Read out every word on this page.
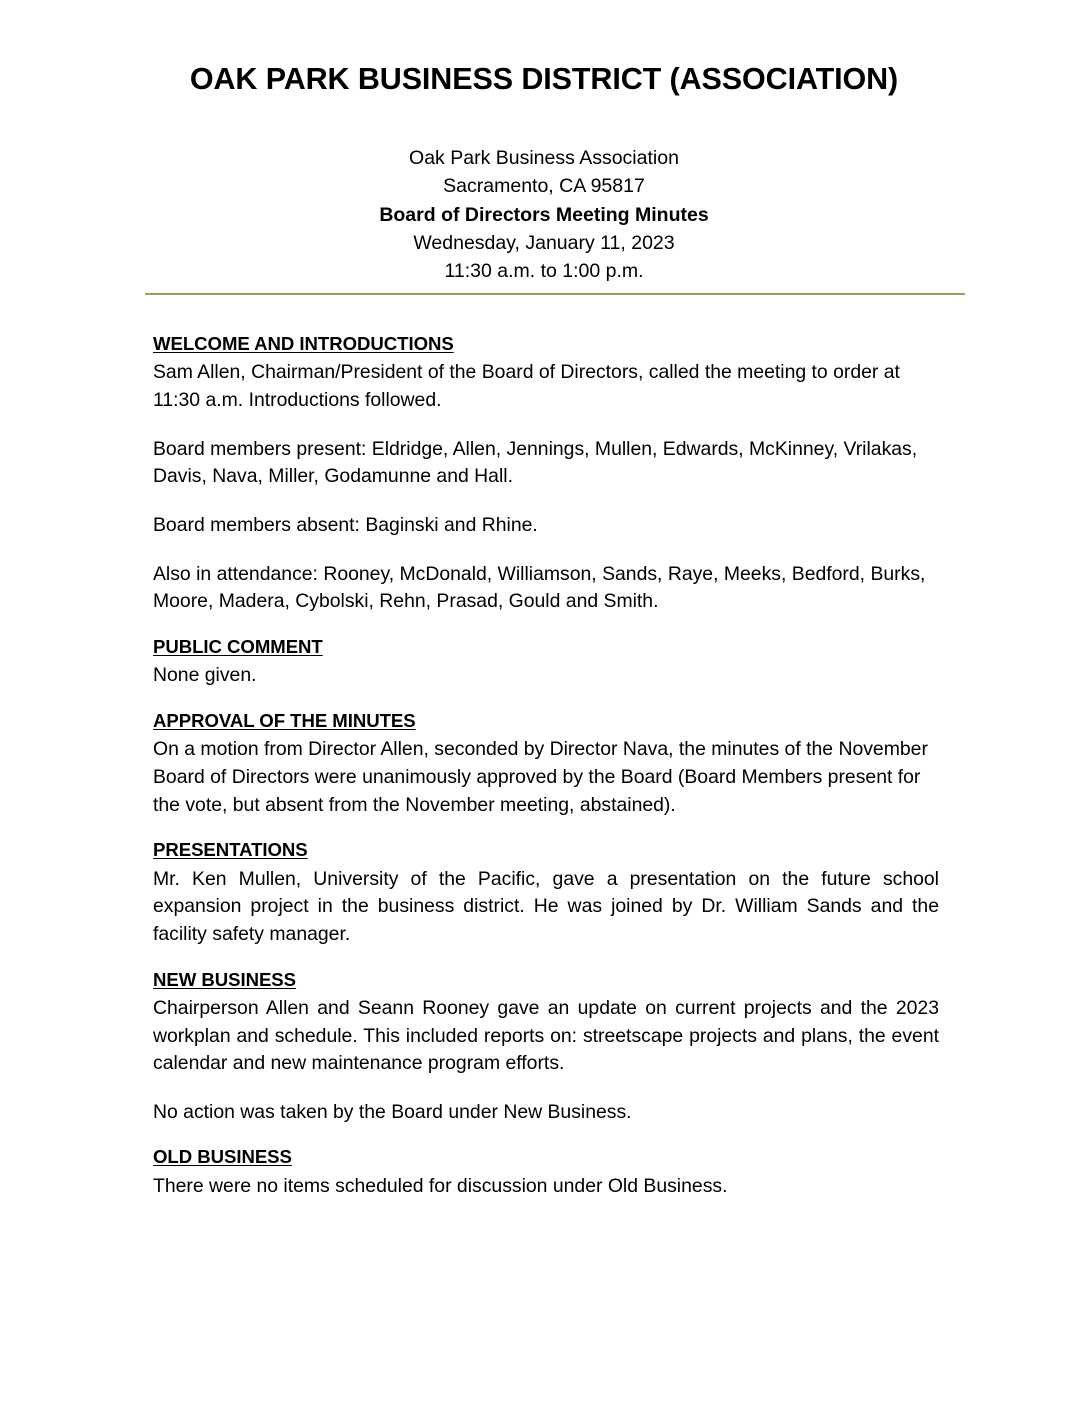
OAK PARK BUSINESS DISTRICT (ASSOCIATION)
Oak Park Business Association
Sacramento, CA 95817
Board of Directors Meeting Minutes
Wednesday, January 11, 2023
11:30 a.m. to 1:00 p.m.
WELCOME AND INTRODUCTIONS

Sam Allen, Chairman/President of the Board of Directors, called the meeting to order at 11:30 a.m. Introductions followed.

Board members present: Eldridge, Allen, Jennings, Mullen, Edwards, McKinney, Vrilakas, Davis, Nava, Miller, Godamunne and Hall.

Board members absent: Baginski and Rhine.

Also in attendance: Rooney, McDonald, Williamson, Sands, Raye, Meeks, Bedford, Burks, Moore, Madera, Cybolski, Rehn, Prasad, Gould and Smith.

PUBLIC COMMENT

None given.

APPROVAL OF THE MINUTES

On a motion from Director Allen, seconded by Director Nava, the minutes of the November Board of Directors were unanimously approved by the Board (Board Members present for the vote, but absent from the November meeting, abstained).

PRESENTATIONS

Mr. Ken Mullen, University of the Pacific, gave a presentation on the future school expansion project in the business district. He was joined by Dr. William Sands and the facility safety manager.

NEW BUSINESS

Chairperson Allen and Seann Rooney gave an update on current projects and the 2023 workplan and schedule. This included reports on: streetscape projects and plans, the event calendar and new maintenance program efforts.

No action was taken by the Board under New Business.

OLD BUSINESS

There were no items scheduled for discussion under Old Business.
